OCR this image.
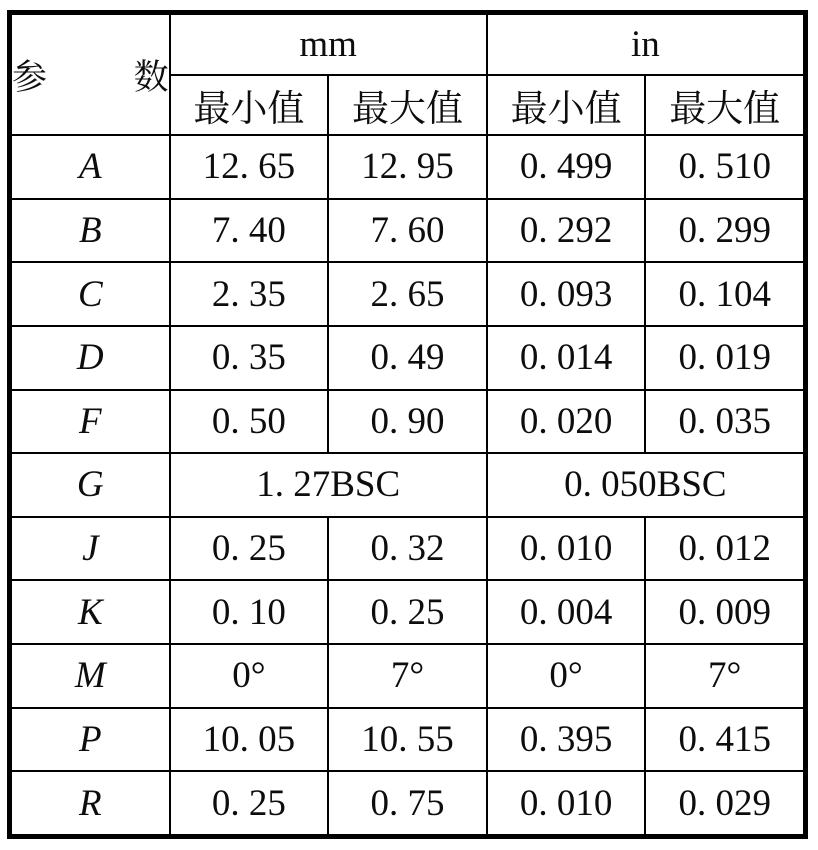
参 数	mm		in	
	最小值	最大值	最小值	最大值
A	12. 65	12. 95	0. 499	0. 510
B	7. 40	7. 60	0. 292	0. 299
C	2. 35	2. 65	0. 093	0. 104
D	0. 35	0. 49	0. 014	0. 019
F	0. 50	0. 90	0. 020	0. 035
G	1. 27BSC		0. 050BSC	
J	0. 25	0. 32	0. 010	0. 012
K	0. 10	0. 25	0. 004	0. 009
M	0°	7°	0°	7°
P	10. 05	10. 55	0. 395	0. 415
R	0. 25	0. 75	0. 010	0. 029
